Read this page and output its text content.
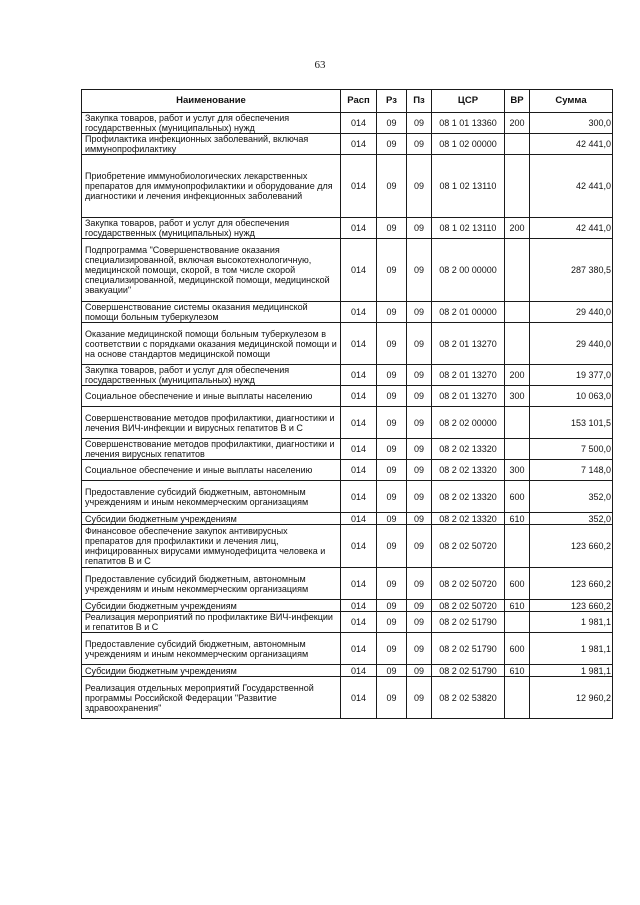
63
Наименование	Расп	Рз	Пз	ЦСР	ВР	Сумма
Закупка товаров, работ и услуг для обеспечения государственных (муниципальных) нужд	014	09	09	08 1 01 13360	200	300,0
Профилактика инфекционных заболеваний, включая иммунопрофилактику	014	09	09	08 1 02 00000		42 441,0
Приобретение иммунобиологических лекарственных препаратов для иммунопрофилактики и оборудование для диагностики и лечения инфекционных заболеваний	014	09	09	08 1 02 13110		42 441,0
Закупка товаров, работ и услуг для обеспечения государственных (муниципальных) нужд	014	09	09	08 1 02 13110	200	42 441,0
Подпрограмма "Совершенствование оказания специализированной, включая высокотехнологичную, медицинской помощи, скорой, в том числе скорой специализированной, медицинской помощи, медицинской эвакуации"	014	09	09	08 2 00 00000		287 380,5
Совершенствование системы оказания медицинской помощи больным туберкулезом	014	09	09	08 2 01 00000		29 440,0
Оказание медицинской помощи больным туберкулезом в соответствии с порядками оказания медицинской помощи и на основе стандартов медицинской помощи	014	09	09	08 2 01 13270		29 440,0
Закупка товаров, работ и услуг для обеспечения государственных (муниципальных) нужд	014	09	09	08 2 01 13270	200	19 377,0
Социальное обеспечение и иные выплаты населению	014	09	09	08 2 01 13270	300	10 063,0
Совершенствование методов профилактики, диагностики и лечения ВИЧ-инфекции и вирусных гепатитов В и С	014	09	09	08 2 02 00000		153 101,5
Совершенствование методов профилактики, диагностики и лечения вирусных гепатитов	014	09	09	08 2 02 13320		7 500,0
Социальное обеспечение и иные выплаты населению	014	09	09	08 2 02 13320	300	7 148,0
Предоставление субсидий бюджетным, автономным учреждениям и иным некоммерческим организациям	014	09	09	08 2 02 13320	600	352,0
Субсидии бюджетным учреждениям	014	09	09	08 2 02 13320	610	352,0
Финансовое обеспечение закупок антивирусных препаратов для профилактики и лечения лиц, инфицированных вирусами иммунодефицита человека и гепатитов В и С	014	09	09	08 2 02 50720		123 660,2
Предоставление субсидий бюджетным, автономным учреждениям и иным некоммерческим организациям	014	09	09	08 2 02 50720	600	123 660,2
Субсидии бюджетным учреждениям	014	09	09	08 2 02 50720	610	123 660,2
Реализация мероприятий по профилактике ВИЧ-инфекции и гепатитов В и С	014	09	09	08 2 02 51790		1 981,1
Предоставление субсидий бюджетным, автономным учреждениям и иным некоммерческим организациям	014	09	09	08 2 02 51790	600	1 981,1
Субсидии бюджетным учреждениям	014	09	09	08 2 02 51790	610	1 981,1
Реализация отдельных мероприятий Государственной программы Российской Федерации "Развитие здравоохранения"	014	09	09	08 2 02 53820		12 960,2
